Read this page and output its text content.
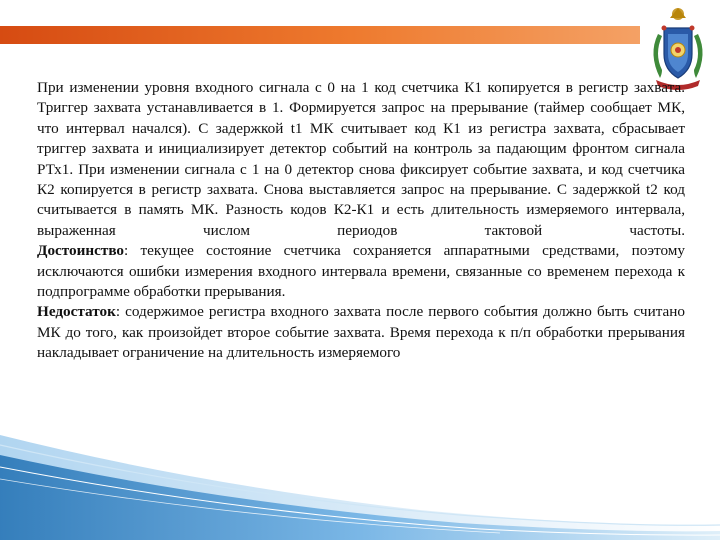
При изменении уровня входного сигнала с 0 на 1 код счетчика К1 копируется в регистр захвата. Триггер захвата устанавливается в 1. Формируется запрос на прерывание (таймер сообщает МК, что интервал начался). С задержкой t1 МК считывает код К1 из регистра захвата, сбрасывает триггер захвата и инициализирует детектор событий на контроль за падающим фронтом сигнала РТх1. При изменении сигнала с 1 на 0 детектор снова фиксирует событие захвата, и код счетчика К2 копируется в регистр захвата. Снова выставляется запрос на прерывание. С задержкой t2 код считывается в память МК. Разность кодов К2-К1 и есть длительность измеряемого интервала, выраженная числом периодов тактовой частоты.

Достоинство: текущее состояние счетчика сохраняется аппаратными средствами, поэтому исключаются ошибки измерения входного интервала времени, связанные со временем перехода к подпрограмме обработки прерывания.

Недостаток: содержимое регистра входного захвата после первого события должно быть считано МК до того, как произойдет второе событие захвата. Время перехода к п/п обработки прерывания накладывает ограничение на длительность измеряемого
